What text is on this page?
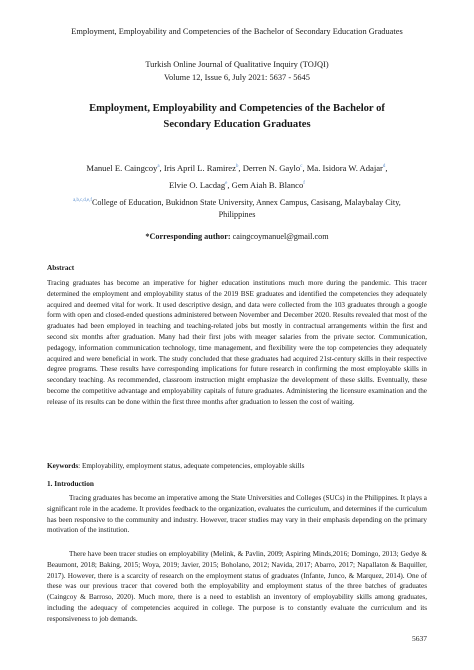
Employment, Employability and Competencies of the Bachelor of Secondary Education Graduates
Turkish Online Journal of Qualitative Inquiry (TOJQI)
Volume 12, Issue 6, July 2021: 5637 - 5645
Employment, Employability and Competencies of the Bachelor of
Secondary Education Graduates
Manuel E. Caingcoy$^a$, Iris April L. Ramirez$^b$, Derren N. Gaylo$^c$, Ma. Isidora W. Adajar$^d$,
Elvie O. Lacdag$^e$, Gem Aiah B. Blanco$^f$
$^{a,b,c,d,e,f}$College of Education, Bukidnon State University, Annex Campus, Casisang, Malaybalay City,
Philippines
*Corresponding author: caingcoymanuel@gmail.com
Abstract
Tracing graduates has become an imperative for higher education institutions much more during the pandemic. This tracer determined the employment and employability status of the 2019 BSE graduates and identified the competencies they adequately acquired and deemed vital for work. It used descriptive design, and data were collected from the 103 graduates through a google form with open and closed-ended questions administered between November and December 2020. Results revealed that most of the graduates had been employed in teaching and teaching-related jobs but mostly in contractual arrangements within the first and second six months after graduation. Many had their first jobs with meager salaries from the private sector. Communication, pedagogy, information communication technology, time management, and flexibility were the top competencies they adequately acquired and were beneficial in work. The study concluded that these graduates had acquired 21st-century skills in their respective degree programs. These results have corresponding implications for future research in confirming the most employable skills in secondary teaching. As recommended, classroom instruction might emphasize the development of these skills. Eventually, these become the competitive advantage and employability capitals of future graduates. Administering the licensure examination and the release of its results can be done within the first three months after graduation to lessen the cost of waiting.
Keywords: Employability, employment status, adequate competencies, employable skills
1. Introduction
Tracing graduates has become an imperative among the State Universities and Colleges (SUCs) in the Philippines. It plays a significant role in the academe. It provides feedback to the organization, evaluates the curriculum, and determines if the curriculum has been responsive to the community and industry. However, tracer studies may vary in their emphasis depending on the primary motivation of the institution.
There have been tracer studies on employability (Melink, & Pavlin, 2009; Aspiring Minds,2016; Domingo, 2013; Gedye & Beaumont, 2018; Baking, 2015; Woya, 2019; Javier, 2015; Boholano, 2012; Navida, 2017; Abarro, 2017; Napallaton & Baquiller, 2017). However, there is a scarcity of research on the employment status of graduates (Infante, Junco, & Marquez, 2014). One of these was our previous tracer that covered both the employability and employment status of the three batches of graduates (Caingcoy & Barroso, 2020). Much more, there is a need to establish an inventory of employability skills among graduates, including the adequacy of competencies acquired in college. The purpose is to constantly evaluate the curriculum and its responsiveness to job demands.
5637
